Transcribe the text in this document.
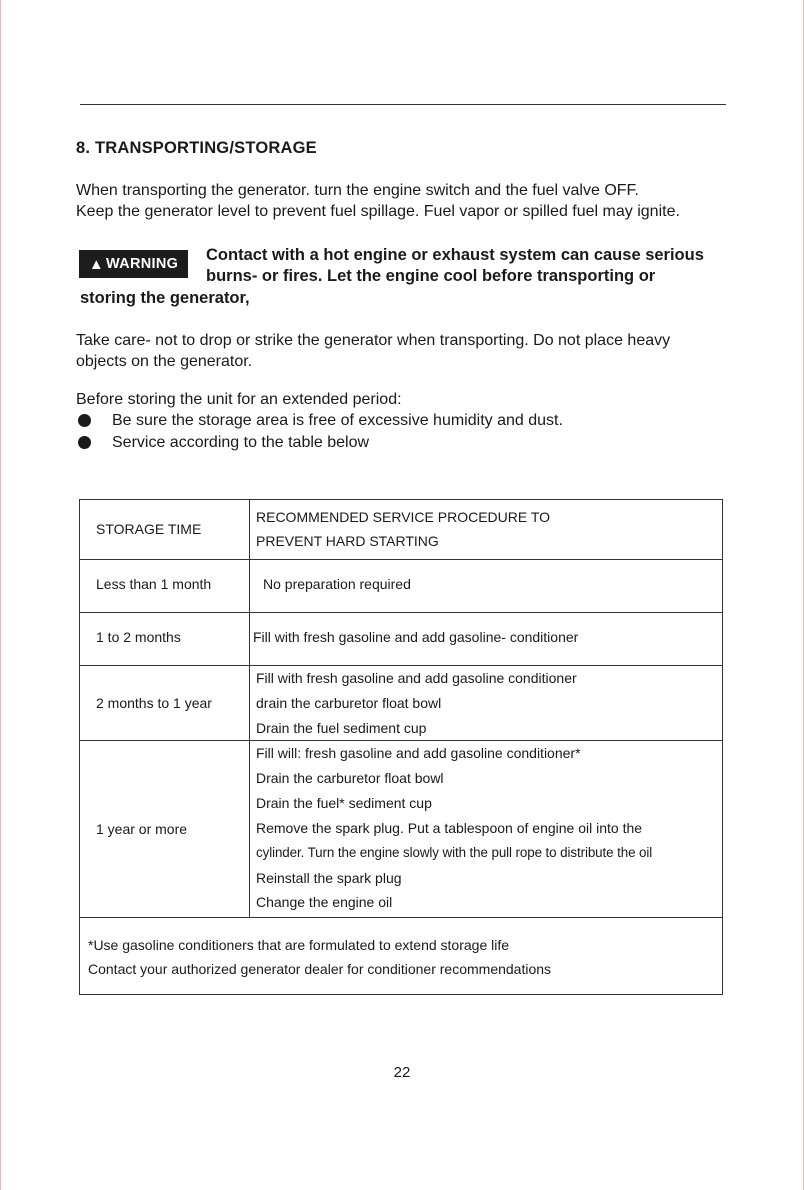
8. TRANSPORTING/STORAGE
When transporting the generator. turn the engine switch and the fuel valve OFF.
Keep the generator level to prevent fuel spillage. Fuel vapor or spilled fuel may ignite.
▲ WARNING Contact with a hot engine or exhaust system can cause serious
burns- or fires. Let the engine cool before transporting or
storing the generator,
Take care- not to drop or strike the generator when transporting. Do not place heavy
objects on the generator.
Before storing the unit for an extended period:
Be sure the storage area is free of excessive humidity and dust.
Service according to the table below
STORAGE TIME
RECOMMENDED SERVICE PROCEDURE TO
PREVENT HARD STARTING
Less than 1 month	No preparation required
1 to 2 months	Fill with fresh gasoline and add gasoline- conditioner
2 months to 1 year
Fill with fresh gasoline and add gasoline conditioner
drain the carburetor float bowl
Drain the fuel sediment cup
1 year or more
Fill will: fresh gasoline and add gasoline conditioner*
Drain the carburetor float bowl
Drain the fuel* sediment cup
Remove the spark plug. Put a tablespoon of engine oil into the
cylinder. Turn the engine slowly with the pull rope to distribute the oil
Reinstall the spark plug
Change the engine oil
*Use gasoline conditioners that are formulated to extend storage life
Contact your authorized generator dealer for conditioner recommendations
22
